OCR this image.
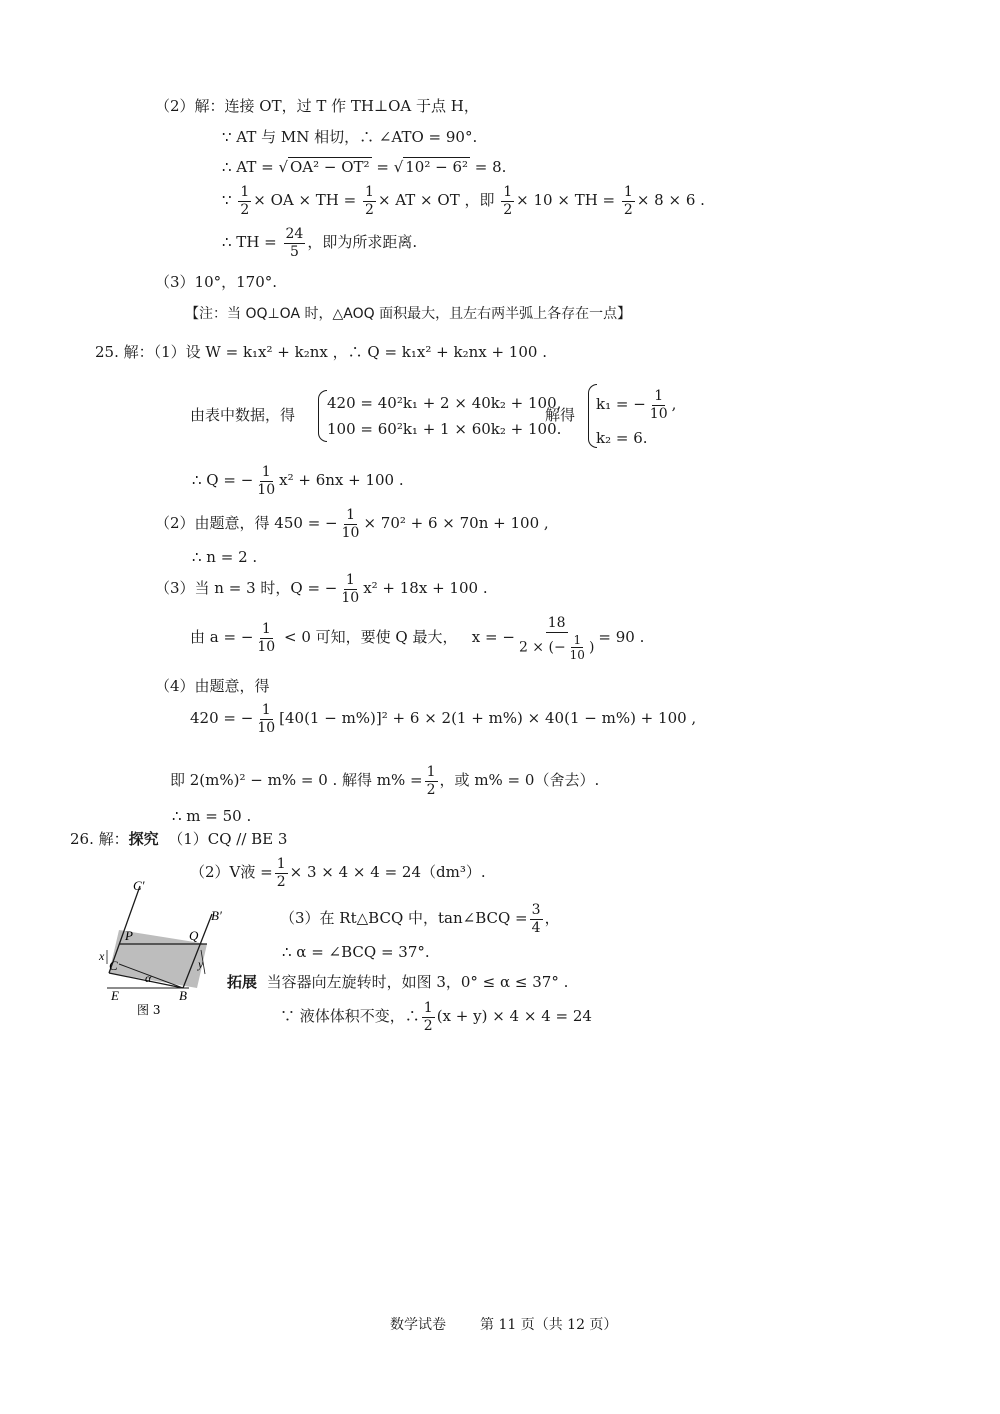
（2）解：连接 OT，过 T 作 TH⊥OA 于点 H，
∵ AT 与 MN 相切，∴ ∠ATO = 90°.
∴ AT = √ OA² − OT² = √ 10² − 6² = 8.
∵ $\frac{1}{2}$ × OA × TH = $\frac{1}{2}$ × AT × OT ，即 $\frac{1}{2} \times 10$ × TH = $\frac{1}{2} \times 8 \times 6$ .
∴ TH = $\frac{24}{5}$ ，即为所求距离.
（3）10°，170°.
【注：当 OQ⊥OA 时，△AOQ 面积最大，且左右两半弧上各存在一点】
25. 解：（1）设 W = k₁x² + k₂nx ，∴ Q = k₁x² + k₂nx + 100 .
由表中数据，得
420 = 40²k₁ + 2 × 40k₂ + 100,
100 = 60²k₁ + 1 × 60k₂ + 100.
解得
k₁ = − $\frac{1}{10}$ ,
k₂ = 6.
∴ Q = − $\frac{1}{10} x^2 + 6nx + 100$ .
（2）由题意，得 450 = − $\frac{1}{10} \times 70^2 + 6 \times 70n + 100$ ,
∴ n = 2 .
（3）当 n = 3 时，Q = − $\frac{1}{10} x^2 + 18x + 100$ .
由 a = − $\frac{1}{10} < 0$ 可知，要使 Q 最大， x = − $\frac{18}{2 \times (- \frac{1}{10} )} = 90$ .
（4）由题意，得
420 = − $\frac{1}{10} [40(1 - m\%)]^2 + 6 \times 2(1 + m\%) \times 40(1 - m\%) + 100$ ,
即 2(m%)² − m% = 0 . 解得 $m\% = \frac{1}{2}$ ，或 m% = 0（舍去）.
∴ m = 50 .
26. 解：探究 （1）CQ // BE 3
（2）V液 = $\frac{1}{2} \times 3 \times 4 \times 4 = 24(dm^3)$.
（3）在 Rt△BCQ 中，tan∠BCQ = $\frac{3}{4}$ ，
∴ α = ∠BCQ = 37°.
拓展 当容器向左旋转时，如图 3，0° ≤ α ≤ 37° .
∵ 液体体积不变，∴ $\frac{1}{2} (x + y) \times 4 \times 4 = 24$
C′
B′
P	Q
C
B
E
x
y
α
图 3
数学试卷 第 11 页（共 12 页）
